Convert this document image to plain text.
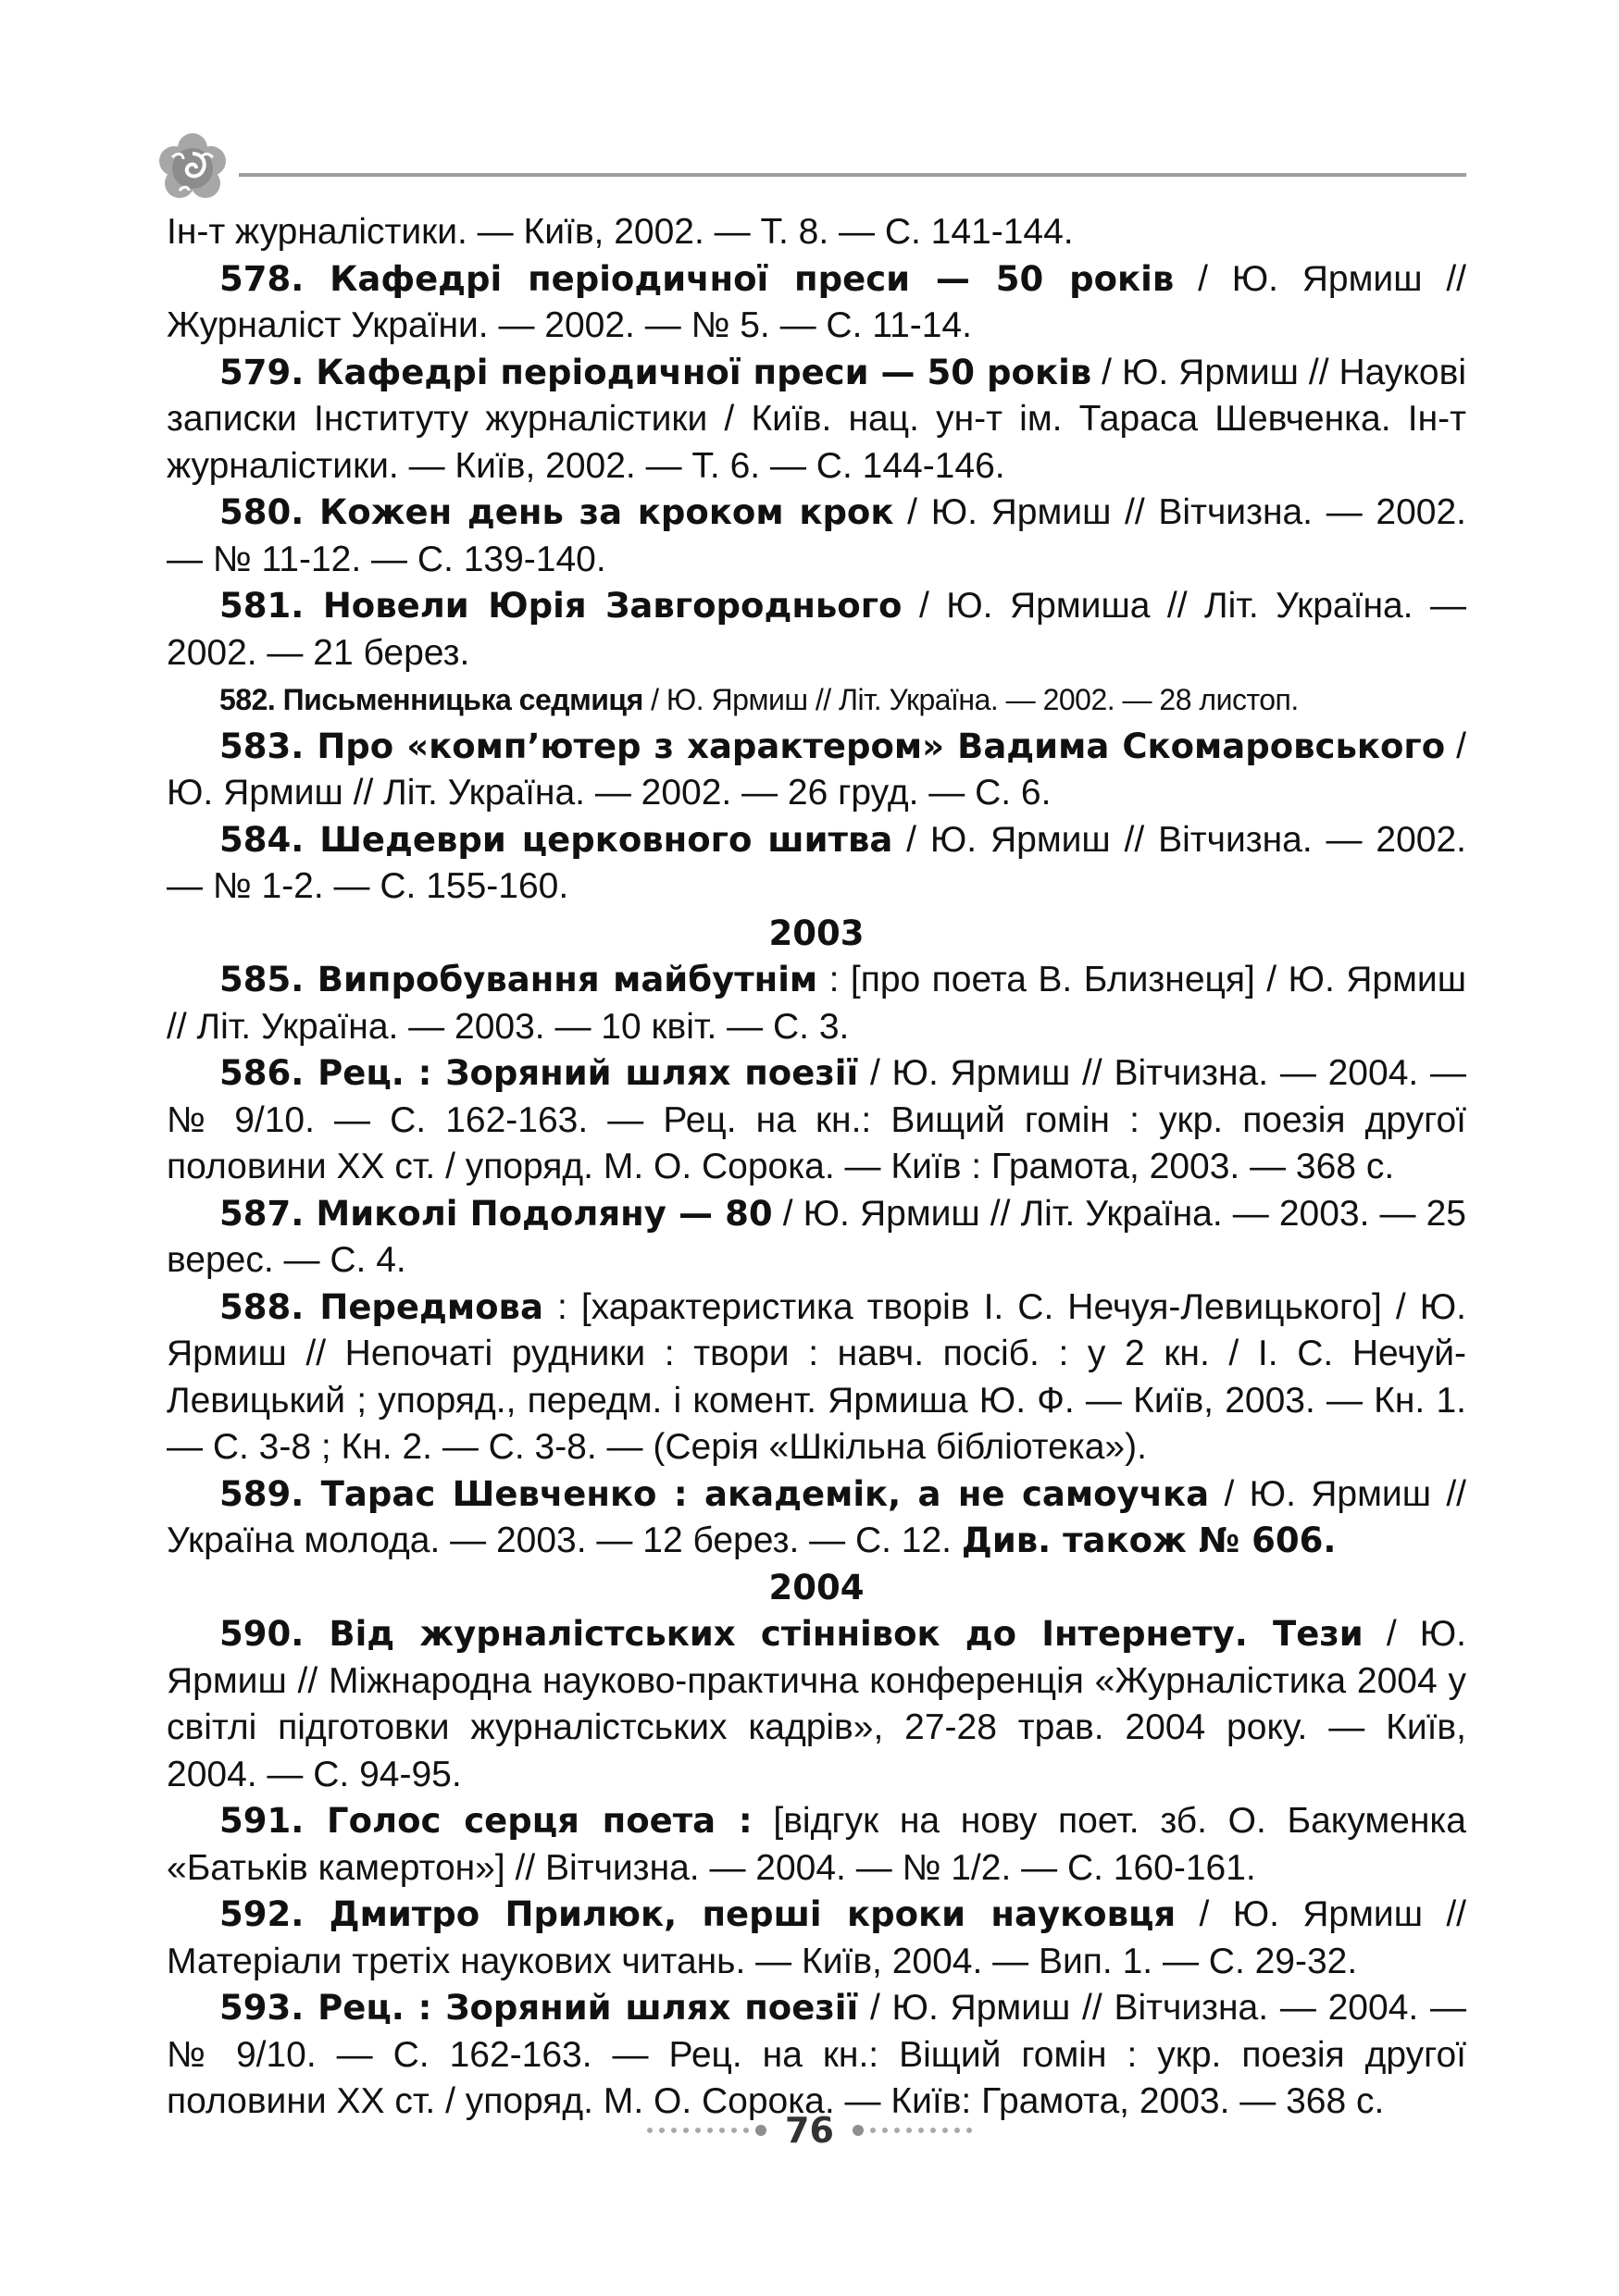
Ін-т журналістики. — Київ, 2002. — Т. 8. — С. 141-144.

578. Кафедрі періодичної преси — 50 років / Ю. Ярмиш // Журналіст України. — 2002. — № 5. — С. 11-14.

579. Кафедрі періодичної преси — 50 років / Ю. Ярмиш // Наукові записки Інституту журналістики / Київ. нац. ун-т ім. Тараса Шевченка. Ін-т журналістики. — Київ, 2002. — Т. 6. — С. 144-146.

580. Кожен день за кроком крок / Ю. Ярмиш // Вітчизна. — 2002. — № 11-12. — С. 139-140.

581. Новели Юрія Завгороднього / Ю. Ярмиша // Літ. Україна. — 2002. — 21 берез.

582. Письменницька седмиця / Ю. Ярмиш // Літ. Україна. — 2002. — 28 листоп.

583. Про «комп’ютер з характером» Вадима Скомаровського / Ю. Ярмиш // Літ. Україна. — 2002. — 26 груд. — С. 6.

584. Шедеври церковного шитва / Ю. Ярмиш // Вітчизна. — 2002. — № 1-2. — С. 155-160.

2003

585. Випробування майбутнім : [про поета В. Близнеця] / Ю. Ярмиш // Літ. Україна. — 2003. — 10 квіт. — С. 3.

586. Рец. : Зоряний шлях поезії / Ю. Ярмиш // Вітчизна. — 2004. — № 9/10. — С. 162-163. — Рец. на кн.: Вищий гомін : укр. поезія другої половини XX ст. / упоряд. М. О. Сорока. — Київ : Грамота, 2003. — 368 с.

587. Миколі Подоляну — 80 / Ю. Ярмиш // Літ. Україна. — 2003. — 25 верес. — С. 4.

588. Передмова : [характеристика творів І. С. Нечуя-Левицького] / Ю. Ярмиш // Непочаті рудники : твори : навч. посіб. : у 2 кн. / І. С. Нечуй-Левицький ; упоряд., передм. і комент. Ярмиша Ю. Ф. — Київ, 2003. — Кн. 1. — С. 3-8 ; Кн. 2. — С. 3-8. — (Серія «Шкільна бібліотека»).

589. Тарас Шевченко : академік, а не самоучка / Ю. Ярмиш // Україна молода. — 2003. — 12 берез. — С. 12. Див. також № 606.

2004

590. Від журналістських стіннівок до Інтернету. Тези / Ю. Ярмиш // Міжнародна науково-практична конференція «Журналістика 2004 у світлі підготовки журналістських кадрів», 27-28 трав. 2004 року. — Київ, 2004. — С. 94-95.

591. Голос серця поета : [відгук на нову поет. зб. О. Бакуменка «Батьків камертон»] // Вітчизна. — 2004. — № 1/2. — С. 160-161.

592. Дмитро Прилюк, перші кроки науковця / Ю. Ярмиш // Матеріали третіх наукових читань. — Київ, 2004. — Вип. 1. — С. 29-32.

593. Рец. : Зоряний шлях поезії / Ю. Ярмиш // Вітчизна. — 2004. — № 9/10. — С. 162-163. — Рец. на кн.: Віщий гомін : укр. поезія другої половини XX ст. / упоряд. М. О. Сорока. — Київ: Грамота, 2003. — 368 с.

76
